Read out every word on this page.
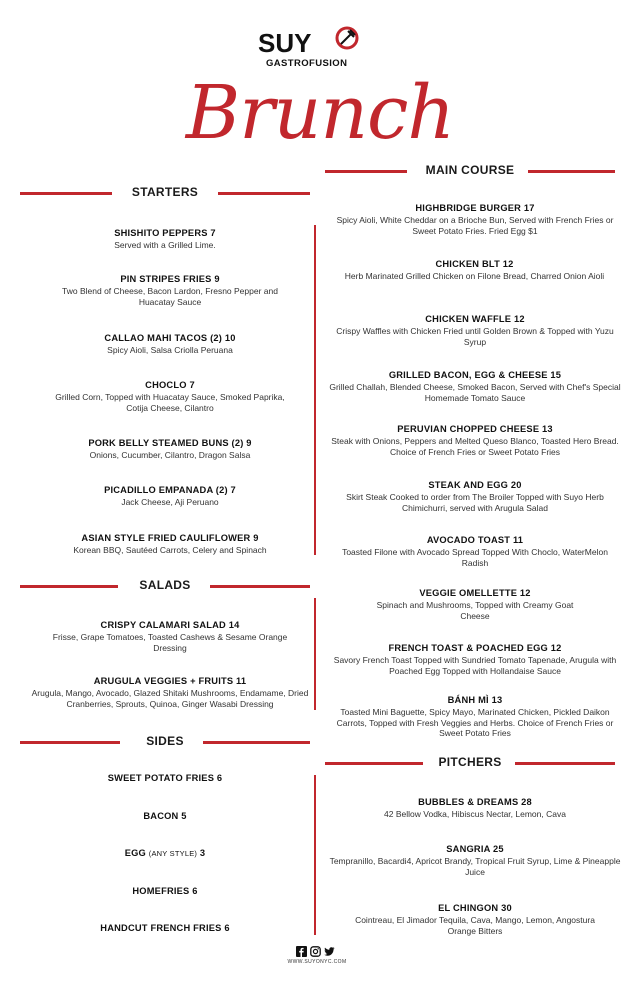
SUY
GASTROFUSION
Brunch
STARTERS
SHISHITO PEPPERS 7
Served with a Grilled Lime.
PIN STRIPES FRIES 9
Two Blend of Cheese, Bacon Lardon, Fresno Pepper and Huacatay Sauce
CALLAO MAHI TACOS (2) 10
Spicy Aioli, Salsa Criolla Peruana
CHOCLO 7
Grilled Corn, Topped with Huacatay Sauce, Smoked Paprika, Cotija Cheese, Cilantro
PORK BELLY STEAMED BUNS (2) 9
Onions, Cucumber, Cilantro, Dragon Salsa
PICADILLO EMPANADA (2) 7
Jack Cheese, Aji Peruano
ASIAN STYLE FRIED CAULIFLOWER 9
Korean BBQ, Sautéed Carrots, Celery and Spinach
SALADS
CRISPY CALAMARI SALAD 14
Frisse, Grape Tomatoes, Toasted Cashews & Sesame Orange Dressing
ARUGULA VEGGIES + FRUITS 11
Arugula, Mango, Avocado, Glazed Shitaki Mushrooms, Endamame, Dried Cranberries, Sprouts, Quinoa, Ginger Wasabi Dressing
SIDES
SWEET POTATO FRIES 6
BACON 5
EGG (ANY STYLE) 3
HOMEFRIES 6
HANDCUT FRENCH FRIES 6
MAIN COURSE
HIGHBRIDGE BURGER 17
Spicy Aioli, White Cheddar on a Brioche Bun, Served with French Fries or Sweet Potato Fries. Fried Egg $1
CHICKEN BLT 12
Herb Marinated Grilled Chicken on Filone Bread, Charred Onion Aioli
CHICKEN WAFFLE 12
Crispy Waffles with Chicken Fried until Golden Brown & Topped with Yuzu Syrup
GRILLED BACON, EGG & CHEESE 15
Grilled Challah, Blended Cheese, Smoked Bacon, Served with Chef's Special Homemade Tomato Sauce
PERUVIAN CHOPPED CHEESE 13
Steak with Onions, Peppers and Melted Queso Blanco, Toasted Hero Bread. Choice of French Fries or Sweet Potato Fries
STEAK AND EGG 20
Skirt Steak Cooked to order from The Broiler Topped with Suyo Herb Chimichurri, served with Arugula Salad
AVOCADO TOAST 11
Toasted Filone with Avocado Spread Topped With Choclo, WaterMelon Radish
VEGGIE OMELLETTE 12
Spinach and Mushrooms, Topped with Creamy Goat Cheese
FRENCH TOAST & POACHED EGG 12
Savory French Toast Topped with Sundried Tomato Tapenade, Arugula with Poached Egg Topped with Hollandaise Sauce
BÁNH MÌ 13
Toasted Mini Baguette, Spicy Mayo, Marinated Chicken, Pickled Daikon Carrots, Topped with Fresh Veggies and Herbs. Choice of French Fries or Sweet Potato Fries
PITCHERS
BUBBLES & DREAMS 28
42 Bellow Vodka, Hibiscus Nectar, Lemon, Cava
SANGRIA 25
Tempranillo, Bacardi4, Apricot Brandy, Tropical Fruit Syrup, Lime & Pineapple Juice
EL CHINGON 30
Cointreau, El Jimador Tequila, Cava, Mango, Lemon, Angostura Orange Bitters
WWW.SUYONYC.COM
